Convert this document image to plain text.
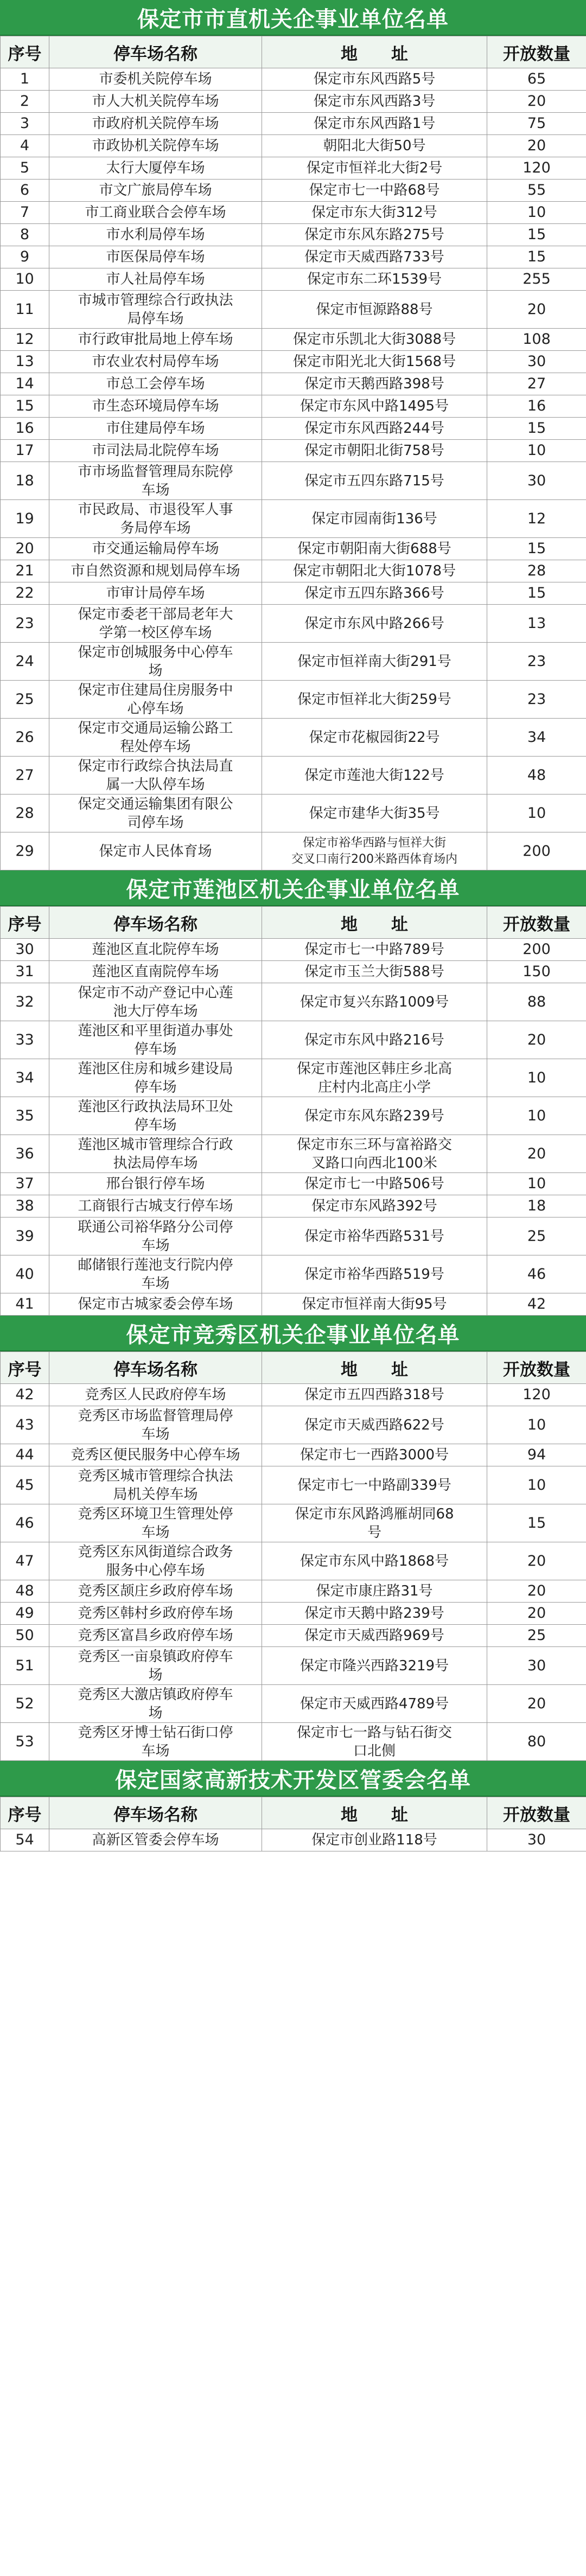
保定市市直机关企事业单位名单
序号	停车场名称	地　　址	开放数量
1	市委机关院停车场	保定市东风西路5号	65
2	市人大机关院停车场	保定市东风西路3号	20
3	市政府机关院停车场	保定市东风西路1号	75
4	市政协机关院停车场	朝阳北大街50号	20
5	太行大厦停车场	保定市恒祥北大街2号	120
6	市文广旅局停车场	保定市七一中路68号	55
7	市工商业联合会停车场	保定市东大街312号	10
8	市水利局停车场	保定市东风东路275号	15
9	市医保局停车场	保定市天威西路733号	15
10	市人社局停车场	保定市东二环1539号	255
11	市城市管理综合行政执法
局停车场	保定市恒源路88号	20
12	市行政审批局地上停车场	保定市乐凯北大街3088号	108
13	市农业农村局停车场	保定市阳光北大街1568号	30
14	市总工会停车场	保定市天鹅西路398号	27
15	市生态环境局停车场	保定市东风中路1495号	16
16	市住建局停车场	保定市东风西路244号	15
17	市司法局北院停车场	保定市朝阳北街758号	10
18	市市场监督管理局东院停
车场	保定市五四东路715号	30
19	市民政局、市退役军人事
务局停车场	保定市园南街136号	12
20	市交通运输局停车场	保定市朝阳南大街688号	15
21	市自然资源和规划局停车场	保定市朝阳北大街1078号	28
22	市审计局停车场	保定市五四东路366号	15
23	保定市委老干部局老年大
学第一校区停车场	保定市东风中路266号	13
24	保定市创城服务中心停车
场	保定市恒祥南大街291号	23
25	保定市住建局住房服务中
心停车场	保定市恒祥北大街259号	23
26	保定市交通局运输公路工
程处停车场	保定市花椒园街22号	34
27	保定市行政综合执法局直
属一大队停车场	保定市莲池大街122号	48
28	保定交通运输集团有限公
司停车场	保定市建华大街35号	10
29	保定市人民体育场	保定市裕华西路与恒祥大街
交叉口南行200米路西体育场内	200
保定市莲池区机关企事业单位名单
序号	停车场名称	地　　址	开放数量
30	莲池区直北院停车场	保定市七一中路789号	200
31	莲池区直南院停车场	保定市玉兰大街588号	150
32	保定市不动产登记中心莲
池大厅停车场	保定市复兴东路1009号	88
33	莲池区和平里街道办事处
停车场	保定市东风中路216号	20
34	莲池区住房和城乡建设局
停车场	保定市莲池区韩庄乡北高
庄村内北高庄小学	10
35	莲池区行政执法局环卫处
停车场	保定市东风东路239号	10
36	莲池区城市管理综合行政
执法局停车场	保定市东三环与富裕路交
叉路口向西北100米	20
37	邢台银行停车场	保定市七一中路506号	10
38	工商银行古城支行停车场	保定市东风路392号	18
39	联通公司裕华路分公司停
车场	保定市裕华西路531号	25
40	邮储银行莲池支行院内停
车场	保定市裕华西路519号	46
41	保定市古城家委会停车场	保定市恒祥南大街95号	42
保定市竞秀区机关企事业单位名单
序号	停车场名称	地　　址	开放数量
42	竞秀区人民政府停车场	保定市五四西路318号	120
43	竞秀区市场监督管理局停
车场	保定市天威西路622号	10
44	竞秀区便民服务中心停车场	保定市七一西路3000号	94
45	竞秀区城市管理综合执法
局机关停车场	保定市七一中路副339号	10
46	竞秀区环境卫生管理处停
车场	保定市东风路鸿雁胡同68
号	15
47	竞秀区东风街道综合政务
服务中心停车场	保定市东风中路1868号	20
48	竞秀区颉庄乡政府停车场	保定市康庄路31号	20
49	竞秀区韩村乡政府停车场	保定市天鹅中路239号	20
50	竞秀区富昌乡政府停车场	保定市天威西路969号	25
51	竞秀区一亩泉镇政府停车
场	保定市隆兴西路3219号	30
52	竞秀区大激店镇政府停车
场	保定市天威西路4789号	20
53	竞秀区牙博士钻石街口停
车场	保定市七一路与钻石街交
口北侧	80
保定国家高新技术开发区管委会名单
序号	停车场名称	地　　址	开放数量
54	高新区管委会停车场	保定市创业路118号	30
